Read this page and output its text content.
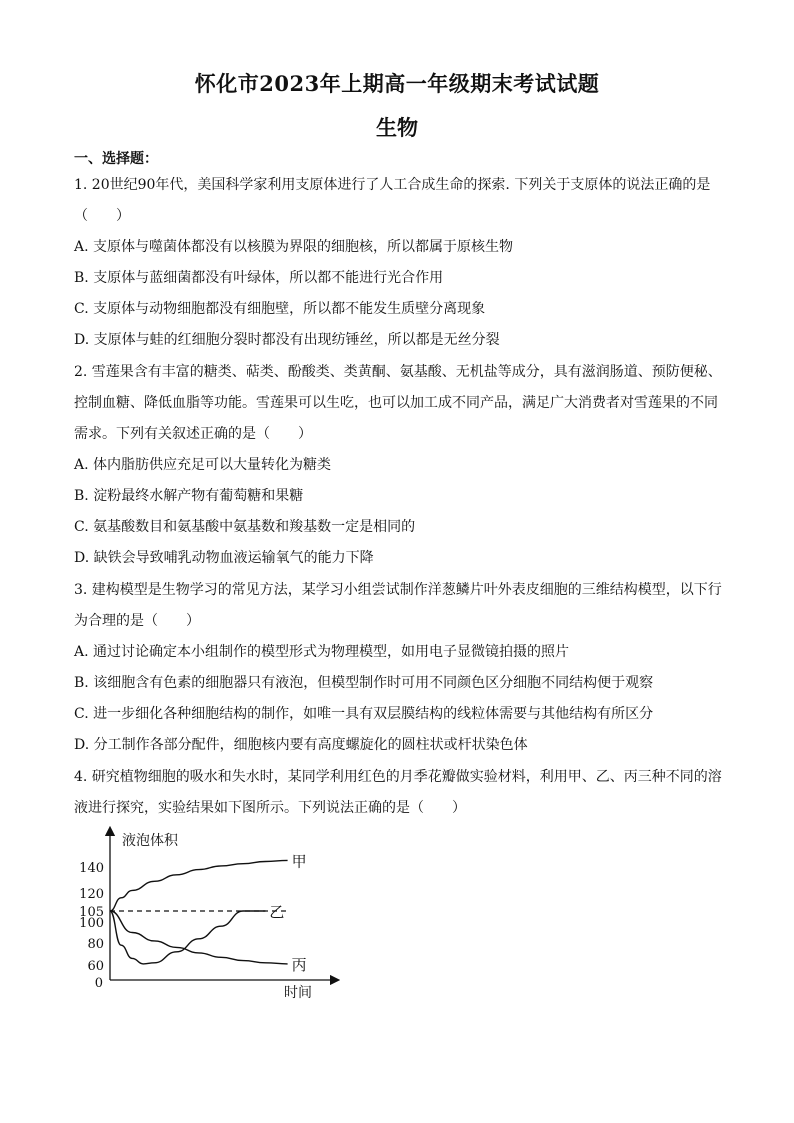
怀化市2023年上期高一年级期末考试试题
生物
一、选择题：
1. 20世纪90年代，美国科学家利用支原体进行了人工合成生命的探索. 下列关于支原体的说法正确的是
（　　）
A. 支原体与噬菌体都没有以核膜为界限的细胞核，所以都属于原核生物
B. 支原体与蓝细菌都没有叶绿体，所以都不能进行光合作用
C. 支原体与动物细胞都没有细胞壁，所以都不能发生质壁分离现象
D. 支原体与蛙的红细胞分裂时都没有出现纺锤丝，所以都是无丝分裂
2. 雪莲果含有丰富的糖类、萜类、酚酸类、类黄酮、氨基酸、无机盐等成分，具有滋润肠道、预防便秘、
控制血糖、降低血脂等功能。雪莲果可以生吃，也可以加工成不同产品，满足广大消费者对雪莲果的不同
需求。下列有关叙述正确的是（　　）
A. 体内脂肪供应充足可以大量转化为糖类
B. 淀粉最终水解产物有葡萄糖和果糖
C. 氨基酸数目和氨基酸中氨基数和羧基数一定是相同的
D. 缺铁会导致哺乳动物血液运输氧气的能力下降
3. 建构模型是生物学习的常见方法，某学习小组尝试制作洋葱鳞片叶外表皮细胞的三维结构模型，以下行
为合理的是（　　）
A. 通过讨论确定本小组制作的模型形式为物理模型，如用电子显微镜拍摄的照片
B. 该细胞含有色素的细胞器只有液泡，但模型制作时可用不同颜色区分细胞不同结构便于观察
C. 进一步细化各种细胞结构的制作，如唯一具有双层膜结构的线粒体需要与其他结构有所区分
D. 分工制作各部分配件，细胞核内要有高度螺旋化的圆柱状或杆状染色体
4. 研究植物细胞的吸水和失水时，某同学利用红色的月季花瓣做实验材料，利用甲、乙、丙三种不同的溶
液进行探究，实验结果如下图所示。下列说法正确的是（　　）
液泡体积
时间
0
140
120
105
100
80
60
甲
乙
丙
